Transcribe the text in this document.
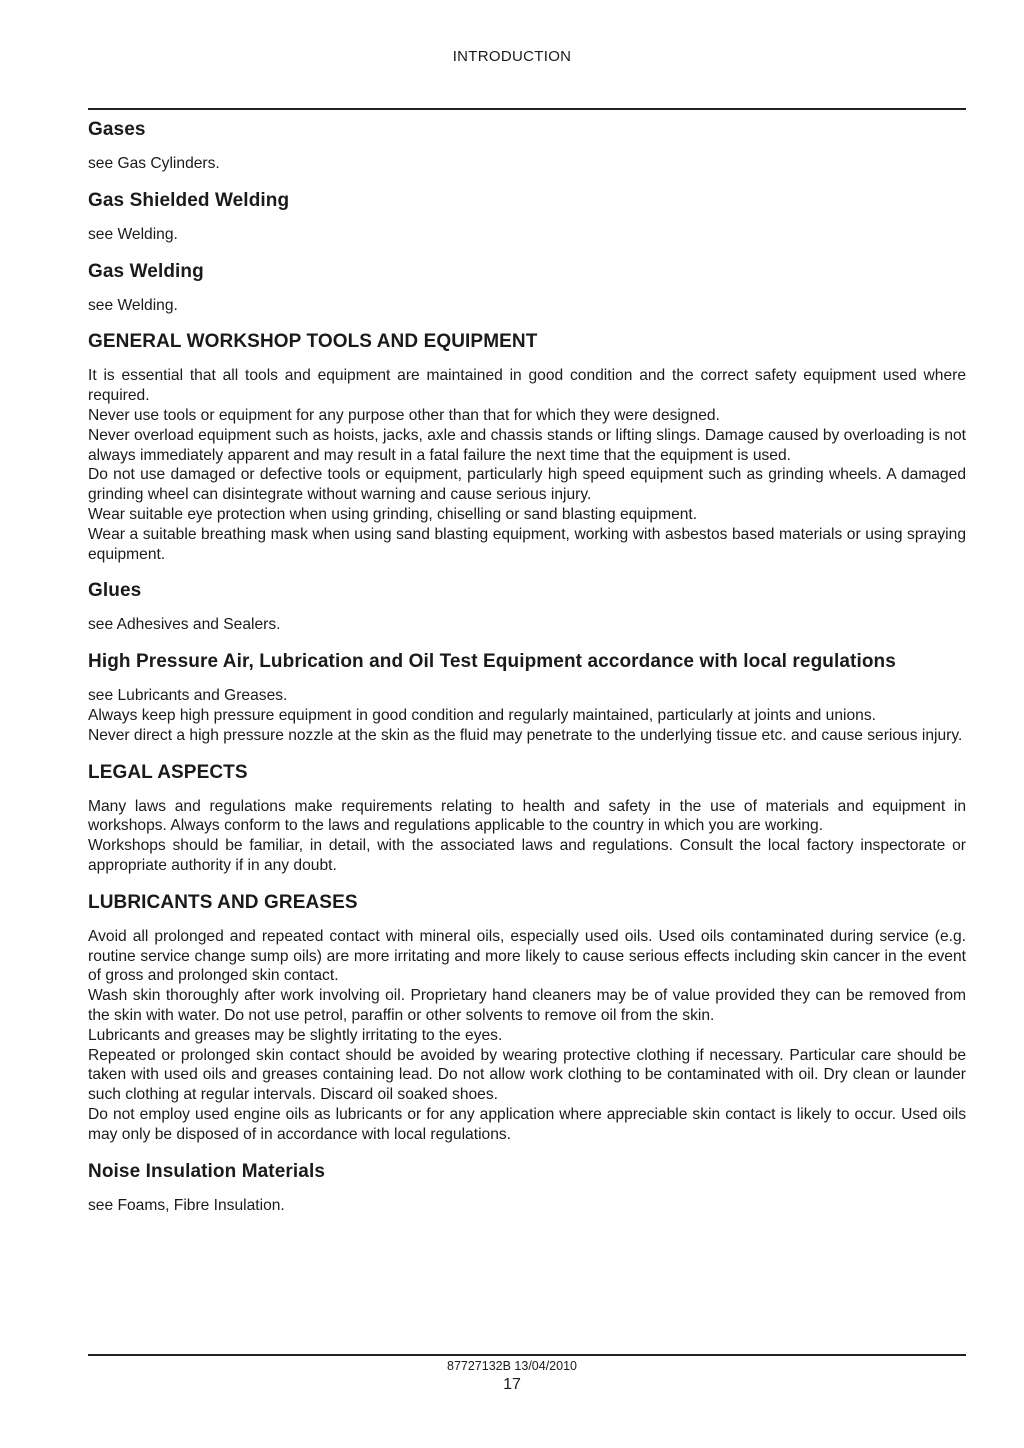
INTRODUCTION
Gases

see Gas Cylinders.

Gas Shielded Welding

see Welding.

Gas Welding

see Welding.

GENERAL WORKSHOP TOOLS AND EQUIPMENT

It is essential that all tools and equipment are maintained in good condition and the correct safety equipment used where required.

Never use tools or equipment for any purpose other than that for which they were designed.

Never overload equipment such as hoists, jacks, axle and chassis stands or lifting slings. Damage caused by overloading is not always immediately apparent and may result in a fatal failure the next time that the equipment is used.

Do not use damaged or defective tools or equipment, particularly high speed equipment such as grinding wheels. A damaged grinding wheel can disintegrate without warning and cause serious injury.

Wear suitable eye protection when using grinding, chiselling or sand blasting equipment.

Wear a suitable breathing mask when using sand blasting equipment, working with asbestos based materials or using spraying equipment.

Glues

see Adhesives and Sealers.

High Pressure Air, Lubrication and Oil Test Equipment accordance with local regulations

see Lubricants and Greases.

Always keep high pressure equipment in good condition and regularly maintained, particularly at joints and unions.

Never direct a high pressure nozzle at the skin as the fluid may penetrate to the underlying tissue etc. and cause serious injury.

LEGAL ASPECTS

Many laws and regulations make requirements relating to health and safety in the use of materials and equipment in workshops. Always conform to the laws and regulations applicable to the country in which you are working.

Workshops should be familiar, in detail, with the associated laws and regulations. Consult the local factory inspectorate or appropriate authority if in any doubt.

LUBRICANTS AND GREASES

Avoid all prolonged and repeated contact with mineral oils, especially used oils. Used oils contaminated during service (e.g. routine service change sump oils) are more irritating and more likely to cause serious effects including skin cancer in the event of gross and prolonged skin contact.

Wash skin thoroughly after work involving oil. Proprietary hand cleaners may be of value provided they can be removed from the skin with water. Do not use petrol, paraffin or other solvents to remove oil from the skin.

Lubricants and greases may be slightly irritating to the eyes.

Repeated or prolonged skin contact should be avoided by wearing protective clothing if necessary. Particular care should be taken with used oils and greases containing lead. Do not allow work clothing to be contaminated with oil. Dry clean or launder such clothing at regular intervals. Discard oil soaked shoes.

Do not employ used engine oils as lubricants or for any application where appreciable skin contact is likely to occur. Used oils may only be disposed of in accordance with local regulations.

Noise Insulation Materials

see Foams, Fibre Insulation.

87727132B 13/04/2010
17
